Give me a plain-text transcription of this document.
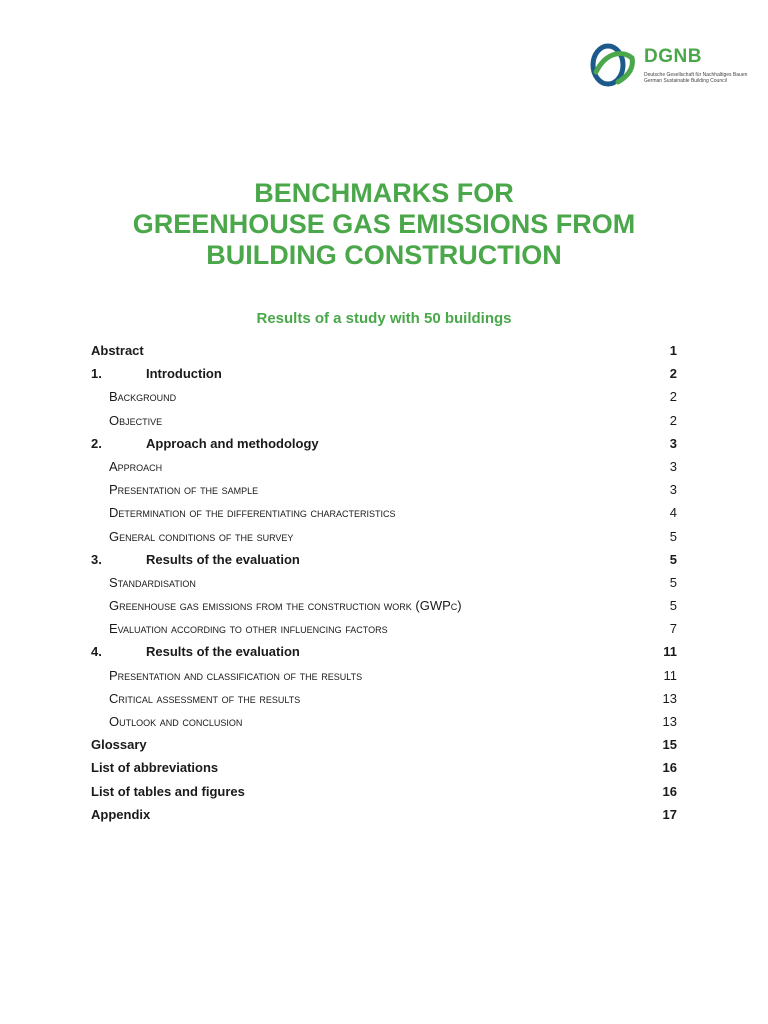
DGNB
Deutsche Gesellschaft für Nachhaltiges Bauen
German Sustainable Building Council
BENCHMARKS FOR
GREENHOUSE GAS EMISSIONS FROM
BUILDING CONSTRUCTION
Results of a study with 50 buildings
Abstract	1
1.	Introduction	2
Background	2
Objective	2
2.	Approach and methodology	3
Approach	3
Presentation of the sample	3
Determination of the differentiating characteristics	4
General conditions of the survey	5
3.	Results of the evaluation	5
Standardisation	5
Greenhouse gas emissions from the construction work (GWPc)	5
Evaluation according to other influencing factors	7
4.	Results of the evaluation	11
Presentation and classification of the results	11
Critical assessment of the results	13
Outlook and conclusion	13
Glossary	15
List of abbreviations	16
List of tables and figures	16
Appendix	17
